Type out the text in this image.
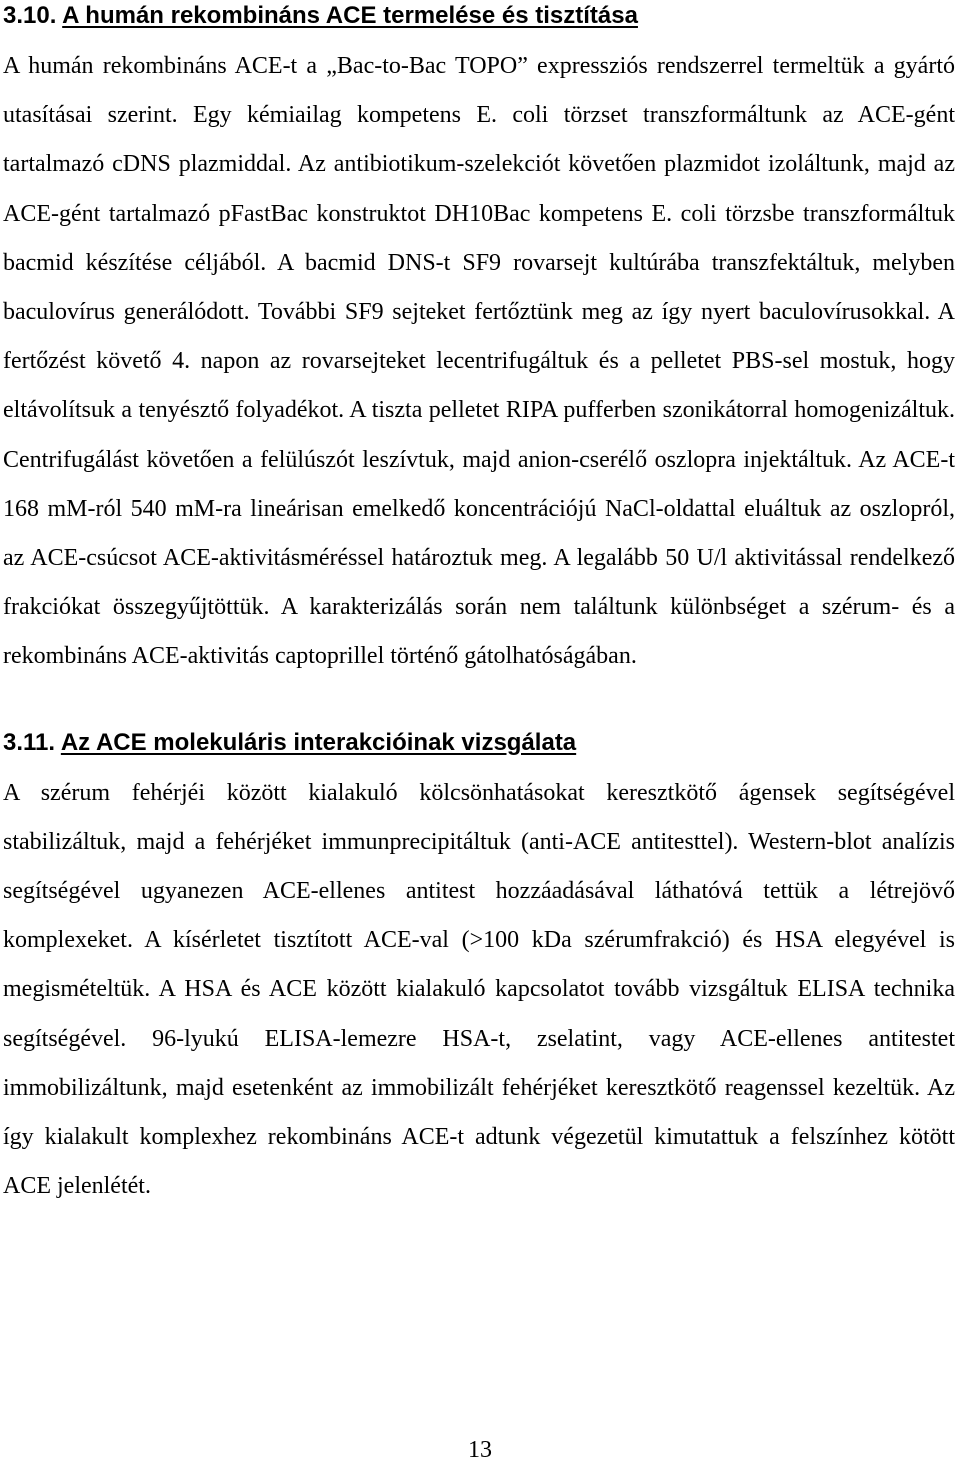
3.10. A humán rekombináns ACE termelése és tisztítása

A humán rekombináns ACE-t a „Bac-to-Bac TOPO” expressziós rendszerrel termeltük a gyártó utasításai szerint. Egy kémiailag kompetens E. coli törzset transzformáltunk az ACE-gént tartalmazó cDNS plazmiddal. Az antibiotikum-szelekciót követően plazmidot izoláltunk, majd az ACE-gént tartalmazó pFastBac konstruktot DH10Bac kompetens E. coli törzsbe transzformáltuk bacmid készítése céljából. A bacmid DNS-t SF9 rovarsejt kultúrába transzfektáltuk, melyben baculovírus generálódott. További SF9 sejteket fertőztünk meg az így nyert baculovírusokkal. A fertőzést követő 4. napon az rovarsejteket lecentrifugáltuk és a pelletet PBS-sel mostuk, hogy eltávolítsuk a tenyésztő folyadékot. A tiszta pelletet RIPA pufferben szonikátorral homogenizáltuk. Centrifugálást követően a felülúszót leszívtuk, majd anion-cserélő oszlopra injektáltuk. Az ACE-t 168 mM-ról 540 mM-ra lineárisan emelkedő koncentrációjú NaCl-oldattal eluáltuk az oszlopról, az ACE-csúcsot ACE-aktivitásméréssel határoztuk meg. A legalább 50 U/l aktivitással rendelkező frakciókat összegyűjtöttük. A karakterizálás során nem találtunk különbséget a szérum- és a rekombináns ACE-aktivitás captoprillel történő gátolhatóságában.

3.11. Az ACE molekuláris interakcióinak vizsgálata

A szérum fehérjéi között kialakuló kölcsönhatásokat keresztkötő ágensek segítségével stabilizáltuk, majd a fehérjéket immunprecipitáltuk (anti-ACE antitesttel). Western-blot analízis segítségével ugyanezen ACE-ellenes antitest hozzáadásával láthatóvá tettük a létrejövő komplexeket. A kísérletet tisztított ACE-val (>100 kDa szérumfrakció) és HSA elegyével is megismételtük. A HSA és ACE között kialakuló kapcsolatot tovább vizsgáltuk ELISA technika segítségével. 96-lyukú ELISA-lemezre HSA-t, zselatint, vagy ACE-ellenes antitestet immobilizáltunk, majd esetenként az immobilizált fehérjéket keresztkötő reagenssel kezeltük. Az így kialakult komplexhez rekombináns ACE-t adtunk végezetül kimutattuk a felszínhez kötött ACE jelenlétét.

13
